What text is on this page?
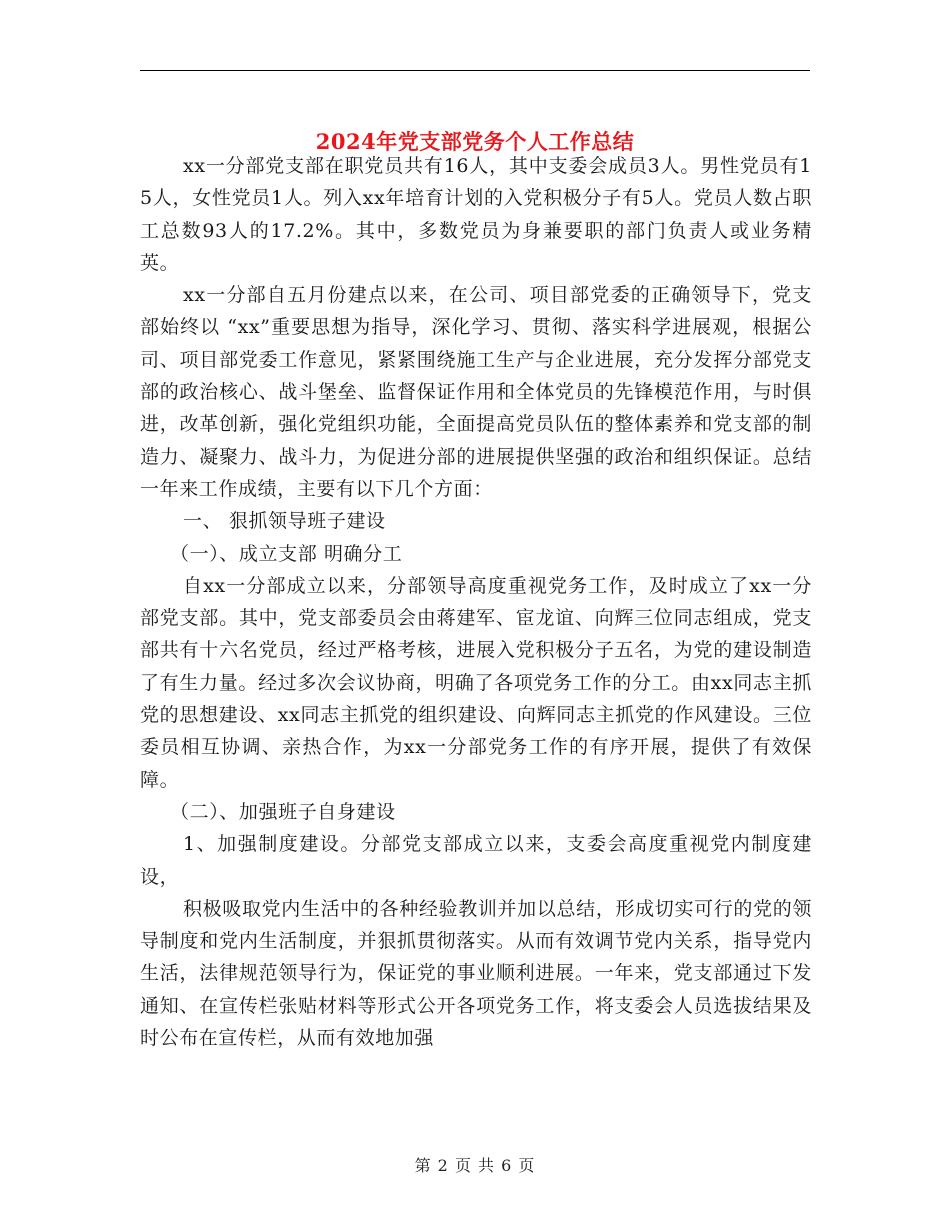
2024年党支部党务个人工作总结

xx一分部党支部在职党员共有16人，其中支委会成员3人。男性党员有15人，女性党员1人。列入xx年培育计划的入党积极分子有5人。党员人数占职工总数93人的17.2%。其中，多数党员为身兼要职的部门负责人或业务精英。

xx一分部自五月份建点以来，在公司、项目部党委的正确领导下，党支部始终以 “xx”重要思想为指导，深化学习、贯彻、落实科学进展观，根据公司、项目部党委工作意见，紧紧围绕施工生产与企业进展，充分发挥分部党支部的政治核心、战斗堡垒、监督保证作用和全体党员的先锋模范作用，与时俱进，改革创新，强化党组织功能，全面提高党员队伍的整体素养和党支部的制造力、凝聚力、战斗力，为促进分部的进展提供坚强的政治和组织保证。总结一年来工作成绩，主要有以下几个方面：

一、 狠抓领导班子建设

（一）、成立支部 明确分工

自xx一分部成立以来，分部领导高度重视党务工作，及时成立了xx一分部党支部。其中，党支部委员会由蒋建军、宦龙谊、向辉三位同志组成，党支部共有十六名党员，经过严格考核，进展入党积极分子五名，为党的建设制造了有生力量。经过多次会议协商，明确了各项党务工作的分工。由xx同志主抓党的思想建设、xx同志主抓党的组织建设、向辉同志主抓党的作风建设。三位委员相互协调、亲热合作，为xx一分部党务工作的有序开展，提供了有效保障。

（二）、加强班子自身建设

1、加强制度建设。分部党支部成立以来，支委会高度重视党内制度建设，

积极吸取党内生活中的各种经验教训并加以总结，形成切实可行的党的领导制度和党内生活制度，并狠抓贯彻落实。从而有效调节党内关系，指导党内生活，法律规范领导行为，保证党的事业顺利进展。一年来，党支部通过下发通知、在宣传栏张贴材料等形式公开各项党务工作，将支委会人员选拔结果及时公布在宣传栏，从而有效地加强

第 2 页 共 6 页
